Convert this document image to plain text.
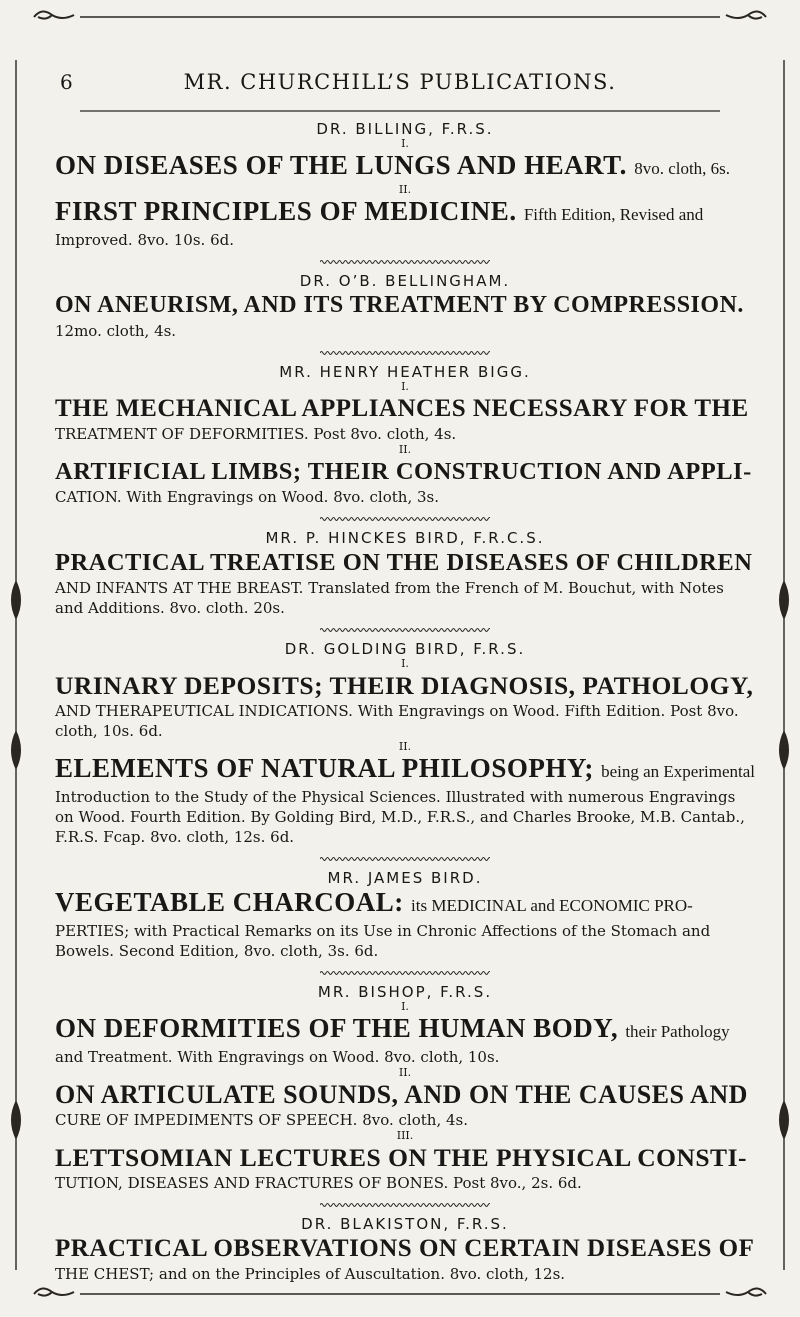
6	MR. CHURCHILL’S PUBLICATIONS.

DR. BILLING, F.R.S.

I.

ON DISEASES OF THE LUNGS AND HEART. 8vo. cloth, 6s.

II.

FIRST PRINCIPLES OF MEDICINE. Fifth Edition, Revised and

Improved. 8vo. 10s. 6d.

DR. O’B. BELLINGHAM.

ON ANEURISM, AND ITS TREATMENT BY COMPRESSION.

12mo. cloth, 4s.

MR. HENRY HEATHER BIGG.

I.

THE MECHANICAL APPLIANCES NECESSARY FOR THE

TREATMENT OF DEFORMITIES. Post 8vo. cloth, 4s.

II.

ARTIFICIAL LIMBS; THEIR CONSTRUCTION AND APPLI-

CATION. With Engravings on Wood. 8vo. cloth, 3s.

MR. P. HINCKES BIRD, F.R.C.S.

PRACTICAL TREATISE ON THE DISEASES OF CHILDREN

AND INFANTS AT THE BREAST. Translated from the French of M. Bouchut, with Notes and Additions. 8vo. cloth. 20s.

DR. GOLDING BIRD, F.R.S.

I.

URINARY DEPOSITS; THEIR DIAGNOSIS, PATHOLOGY,

AND THERAPEUTICAL INDICATIONS. With Engravings on Wood. Fifth Edition. Post 8vo. cloth, 10s. 6d.

II.

ELEMENTS OF NATURAL PHILOSOPHY; being an Experimental

Introduction to the Study of the Physical Sciences. Illustrated with numerous Engravings on Wood. Fourth Edition. By Golding Bird, M.D., F.R.S., and Charles Brooke, M.B. Cantab., F.R.S. Fcap. 8vo. cloth, 12s. 6d.

MR. JAMES BIRD.

VEGETABLE CHARCOAL: its MEDICINAL and ECONOMIC PRO-

PERTIES; with Practical Remarks on its Use in Chronic Affections of the Stomach and Bowels. Second Edition, 8vo. cloth, 3s. 6d.

MR. BISHOP, F.R.S.

I.

ON DEFORMITIES OF THE HUMAN BODY, their Pathology

and Treatment. With Engravings on Wood. 8vo. cloth, 10s.

II.

ON ARTICULATE SOUNDS, AND ON THE CAUSES AND

CURE OF IMPEDIMENTS OF SPEECH. 8vo. cloth, 4s.

III.

LETTSOMIAN LECTURES ON THE PHYSICAL CONSTI-

TUTION, DISEASES AND FRACTURES OF BONES. Post 8vo., 2s. 6d.

DR. BLAKISTON, F.R.S.

PRACTICAL OBSERVATIONS ON CERTAIN DISEASES OF

THE CHEST; and on the Principles of Auscultation. 8vo. cloth, 12s.
